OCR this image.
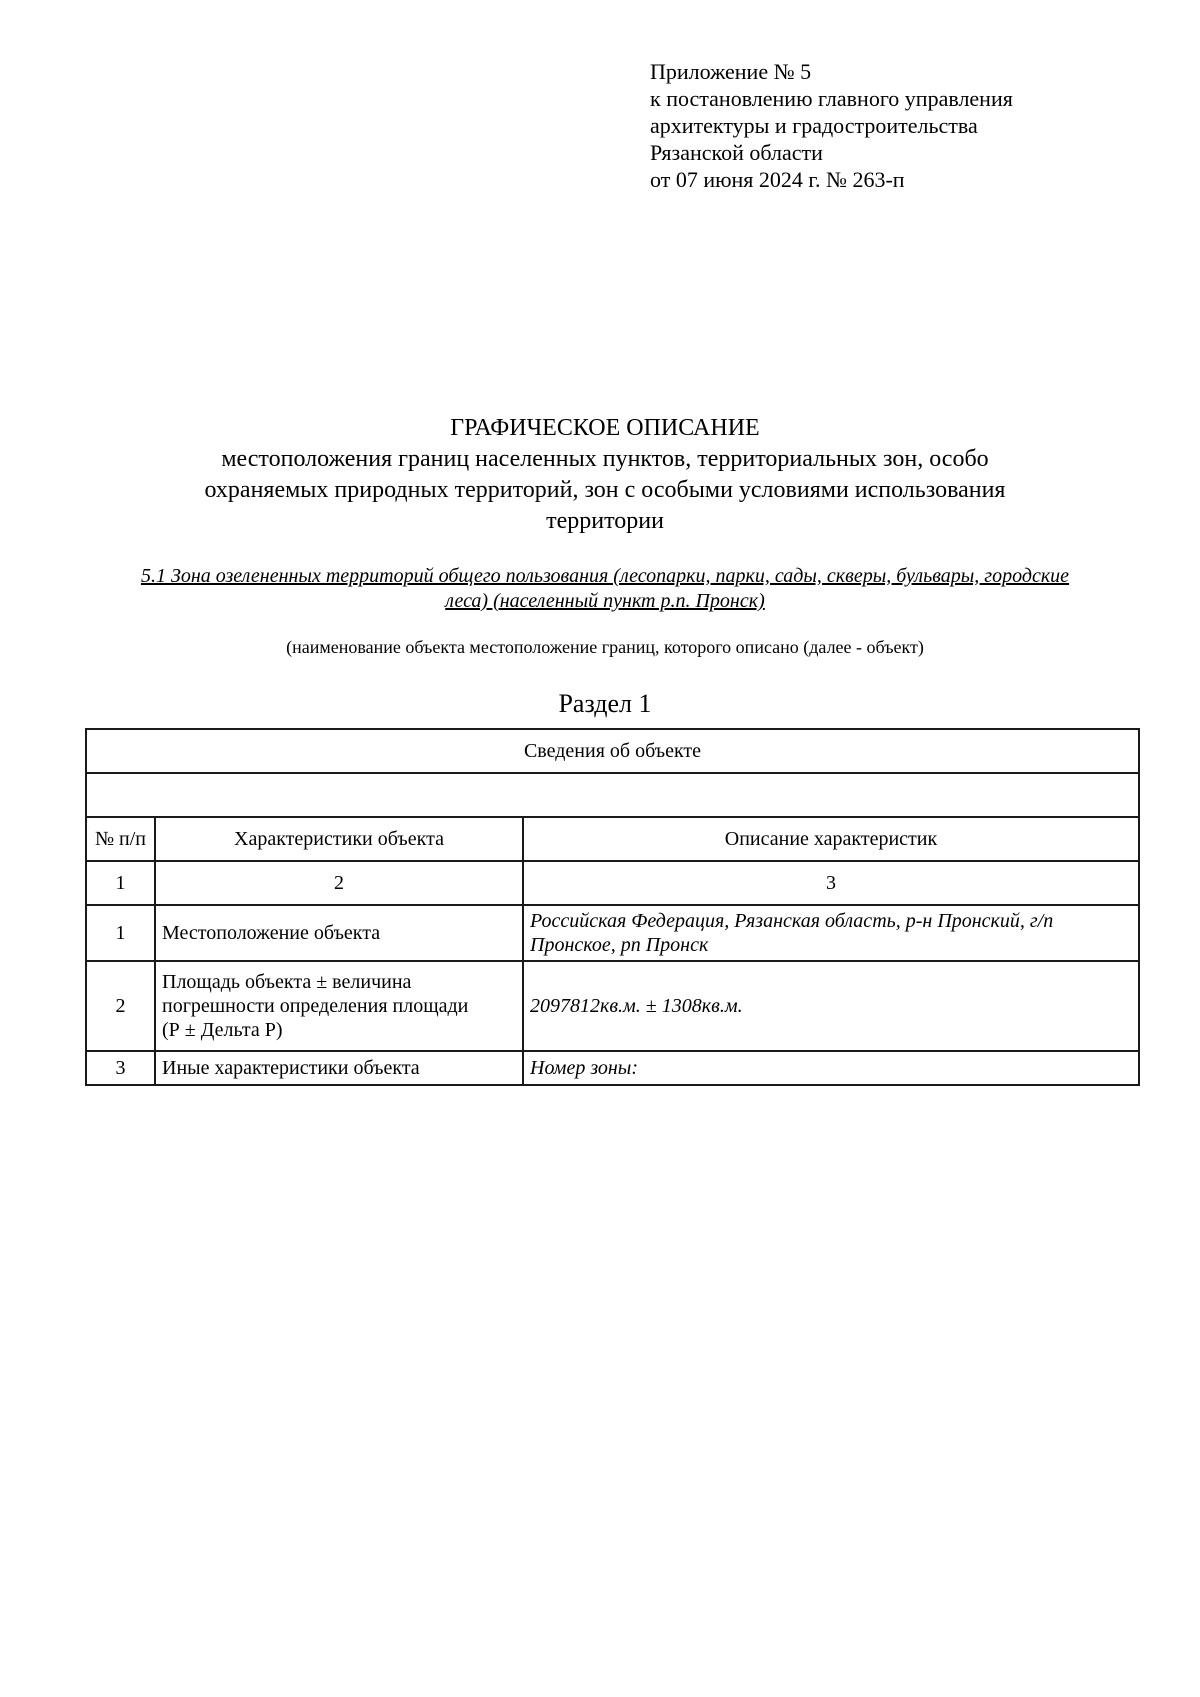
Приложение № 5
к постановлению главного управления
архитектуры и градостроительства
Рязанской области
от 07 июня 2024 г. № 263-п
ГРАФИЧЕСКОЕ ОПИСАНИЕ
местоположения границ населенных пунктов, территориальных зон, особо
охраняемых природных территорий, зон с особыми условиями использования
территории
5.1 Зона озелененных территорий общего пользования (лесопарки, парки, сады, скверы, бульвары, городские
леса) (населенный пункт р.п. Пронск)
(наименование объекта местоположение границ, которого описано (далее - объект)
Раздел 1
Сведения об объекте		

№ п/п	Характеристики объекта	Описание характеристик
1	2	3
1	Местоположение объекта	Российская Федерация, Рязанская область, р-н Пронский, г/п
Пронское, рп Пронск

2	Площадь объекта ± величина
погрешности определения площади
(Р ± Дельта Р)	2097812кв.м. ± 1308кв.м.

3	Иные характеристики объекта	Номер зоны:
